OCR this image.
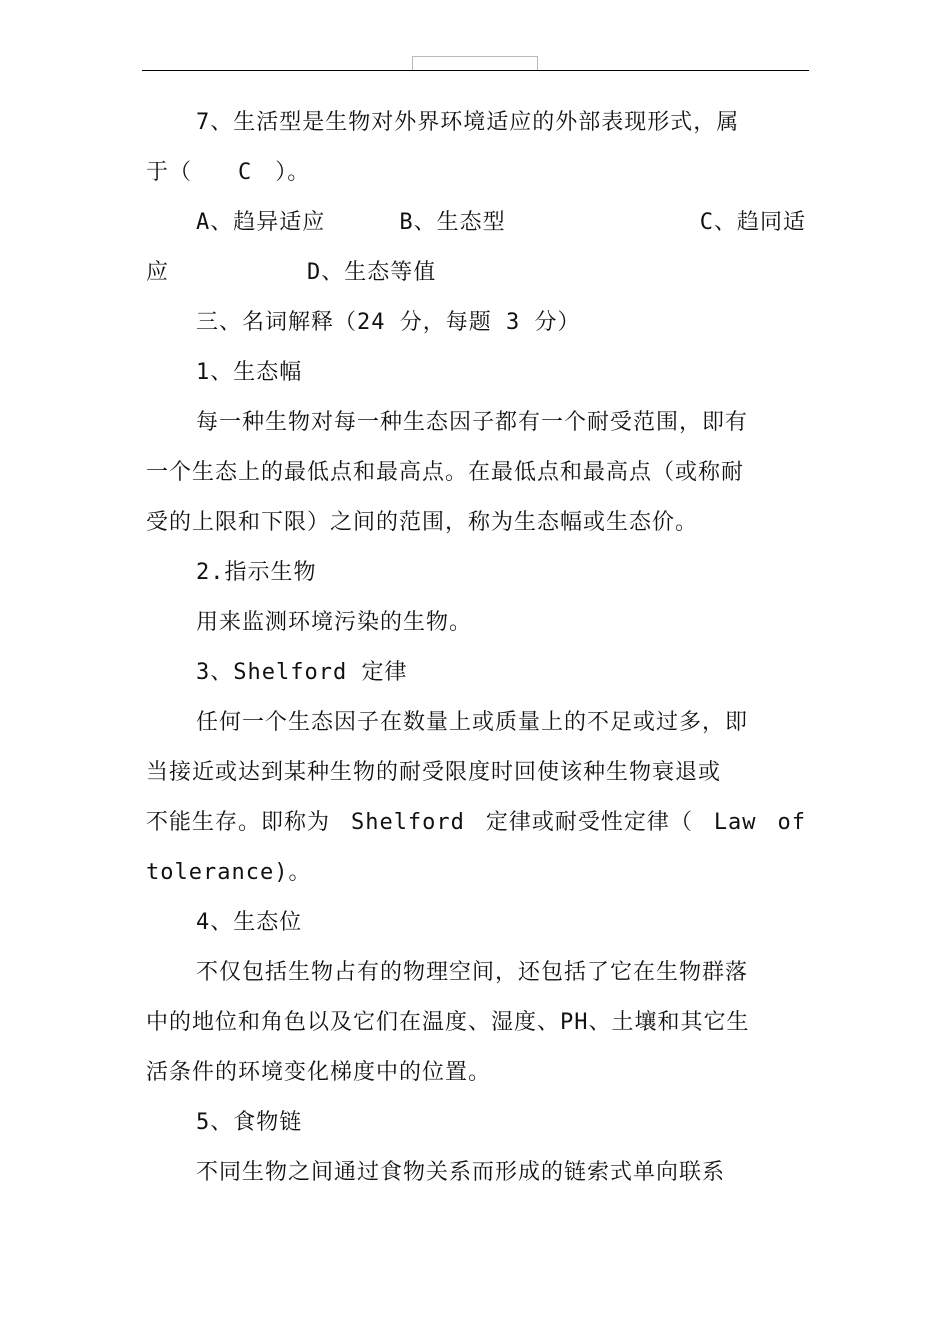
7、生活型是生物对外界环境适应的外部表现形式，属

于（　　C　）。

A、趋异适应	B、生态型	C、趋同适

应　　　　　　D、生态等值

三、名词解释（24 分，每题 3 分）

1、生态幅

每一种生物对每一种生态因子都有一个耐受范围，即有

一个生态上的最低点和最高点。在最低点和最高点（或称耐

受的上限和下限）之间的范围，称为生态幅或生态价。

2.指示生物

用来监测环境污染的生物。

3、Shelford 定律

任何一个生态因子在数量上或质量上的不足或过多，即

当接近或达到某种生物的耐受限度时回使该种生物衰退或

不能生存。即称为 Shelford 定律或耐受性定律（ Law of

tolerance)。

4、生态位

不仅包括生物占有的物理空间，还包括了它在生物群落

中的地位和角色以及它们在温度、湿度、PH、土壤和其它生

活条件的环境变化梯度中的位置。

5、食物链

不同生物之间通过食物关系而形成的链索式单向联系
